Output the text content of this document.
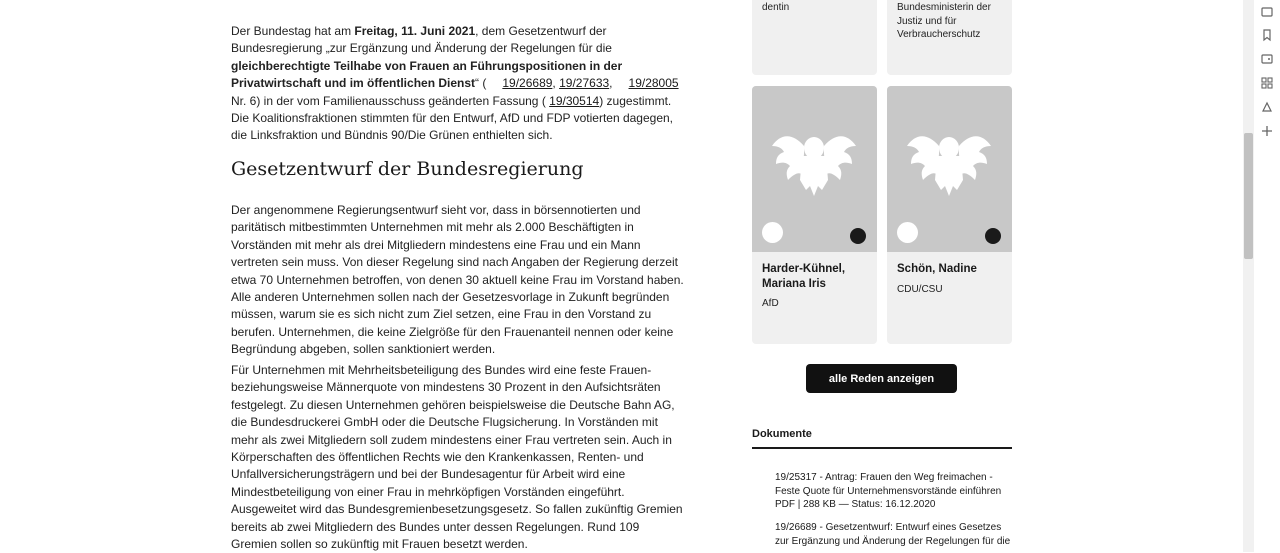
Der Bundestag hat am Freitag, 11. Juni 2021, dem Gesetzentwurf der Bundesregierung „zur Ergänzung und Änderung der Regelungen für die gleichberechtigte Teilhabe von Frauen an Führungspositionen in der Privatwirtschaft und im öffentlichen Dienst“ ( 19/26689, 19/27633, 19/28005 Nr. 6) in der vom Familienausschuss geänderten Fassung ( 19/30514) zugestimmt. Die Koalitionsfraktionen stimmten für den Entwurf, AfD und FDP votierten dagegen, die Linksfraktion und Bündnis 90/Die Grünen enthielten sich.

Gesetzentwurf der Bundesregierung

Der angenommene Regierungsentwurf sieht vor, dass in börsennotierten und paritätisch mitbestimmten Unternehmen mit mehr als 2.000 Beschäftigten in Vorständen mit mehr als drei Mitgliedern mindestens eine Frau und ein Mann vertreten sein muss. Von dieser Regelung sind nach Angaben der Regierung derzeit etwa 70 Unternehmen betroffen, von denen 30 aktuell keine Frau im Vorstand haben. Alle anderen Unternehmen sollen nach der Gesetzesvorlage in Zukunft begründen müssen, warum sie es sich nicht zum Ziel setzen, eine Frau in den Vorstand zu berufen. Unternehmen, die keine Zielgröße für den Frauenanteil nennen oder keine Begründung abgeben, sollen sanktioniert werden.

Für Unternehmen mit Mehrheitsbeteiligung des Bundes wird eine feste Frauen- beziehungsweise Männerquote von mindestens 30 Prozent in den Aufsichtsräten festgelegt. Zu diesen Unternehmen gehören beispielsweise die Deutsche Bahn AG, die Bundesdruckerei GmbH oder die Deutsche Flugsicherung. In Vorständen mit mehr als zwei Mitgliedern soll zudem mindestens einer Frau vertreten sein. Auch in Körperschaften des öffentlichen Rechts wie den Krankenkassen, Renten- und Unfallversicherungsträgern und bei der Bundesagentur für Arbeit wird eine Mindestbeteiligung von einer Frau in mehrköpfigen Vorständen eingeführt. Ausgeweitet wird das Bundesgremienbesetzungsgesetz. So fallen zukünftig Gremien bereits ab zwei Mitgliedern des Bundes unter dessen Regelungen. Rund 109 Gremien sollen so zukünftig mit Frauen besetzt werden.

dentin	Bundesministerin der Justiz und für Verbraucherschutz
Harder-Kühnel, Mariana Iris
AfD
Schön, Nadine
CDU/CSU
alle Reden anzeigen
Dokumente
19/25317 - Antrag: Frauen den Weg freimachen - Feste Quote für Unternehmensvorstände einführen
PDF | 288 KB — Status: 16.12.2020
19/26689 - Gesetzentwurf: Entwurf eines Gesetzes zur Ergänzung und Änderung der Regelungen für die
